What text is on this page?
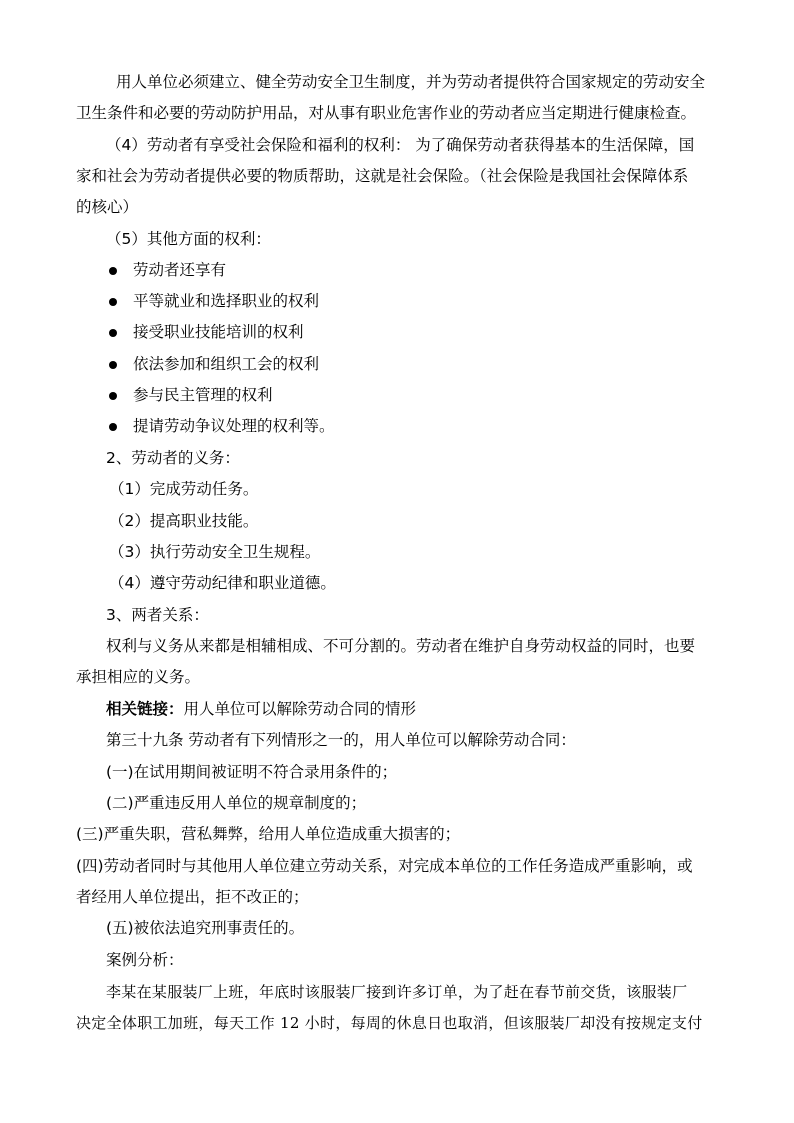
用人单位必须建立、健全劳动安全卫生制度，并为劳动者提供符合国家规定的劳动安全
卫生条件和必要的劳动防护用品，对从事有职业危害作业的劳动者应当定期进行健康检查。
（4）劳动者有享受社会保险和福利的权利： 为了确保劳动者获得基本的生活保障，国
家和社会为劳动者提供必要的物质帮助，这就是社会保险。（社会保险是我国社会保障体系
的核心）
（5）其他方面的权利：
劳动者还享有
平等就业和选择职业的权利
接受职业技能培训的权利
依法参加和组织工会的权利
参与民主管理的权利
提请劳动争议处理的权利等。
2、劳动者的义务：
（1）完成劳动任务。
（2）提高职业技能。
（3）执行劳动安全卫生规程。
（4）遵守劳动纪律和职业道德。
3、两者关系：
权利与义务从来都是相辅相成、不可分割的。劳动者在维护自身劳动权益的同时，也要
承担相应的义务。
相关链接：用人单位可以解除劳动合同的情形
第三十九条 劳动者有下列情形之一的，用人单位可以解除劳动合同：
(一)在试用期间被证明不符合录用条件的；
(二)严重违反用人单位的规章制度的；
(三)严重失职，营私舞弊，给用人单位造成重大损害的；
(四)劳动者同时与其他用人单位建立劳动关系，对完成本单位的工作任务造成严重影响，或
者经用人单位提出，拒不改正的；
(五)被依法追究刑事责任的。
案例分析：
李某在某服装厂上班，年底时该服装厂接到许多订单，为了赶在春节前交货，该服装厂
决定全体职工加班，每天工作 12 小时，每周的休息日也取消，但该服装厂却没有按规定支付
